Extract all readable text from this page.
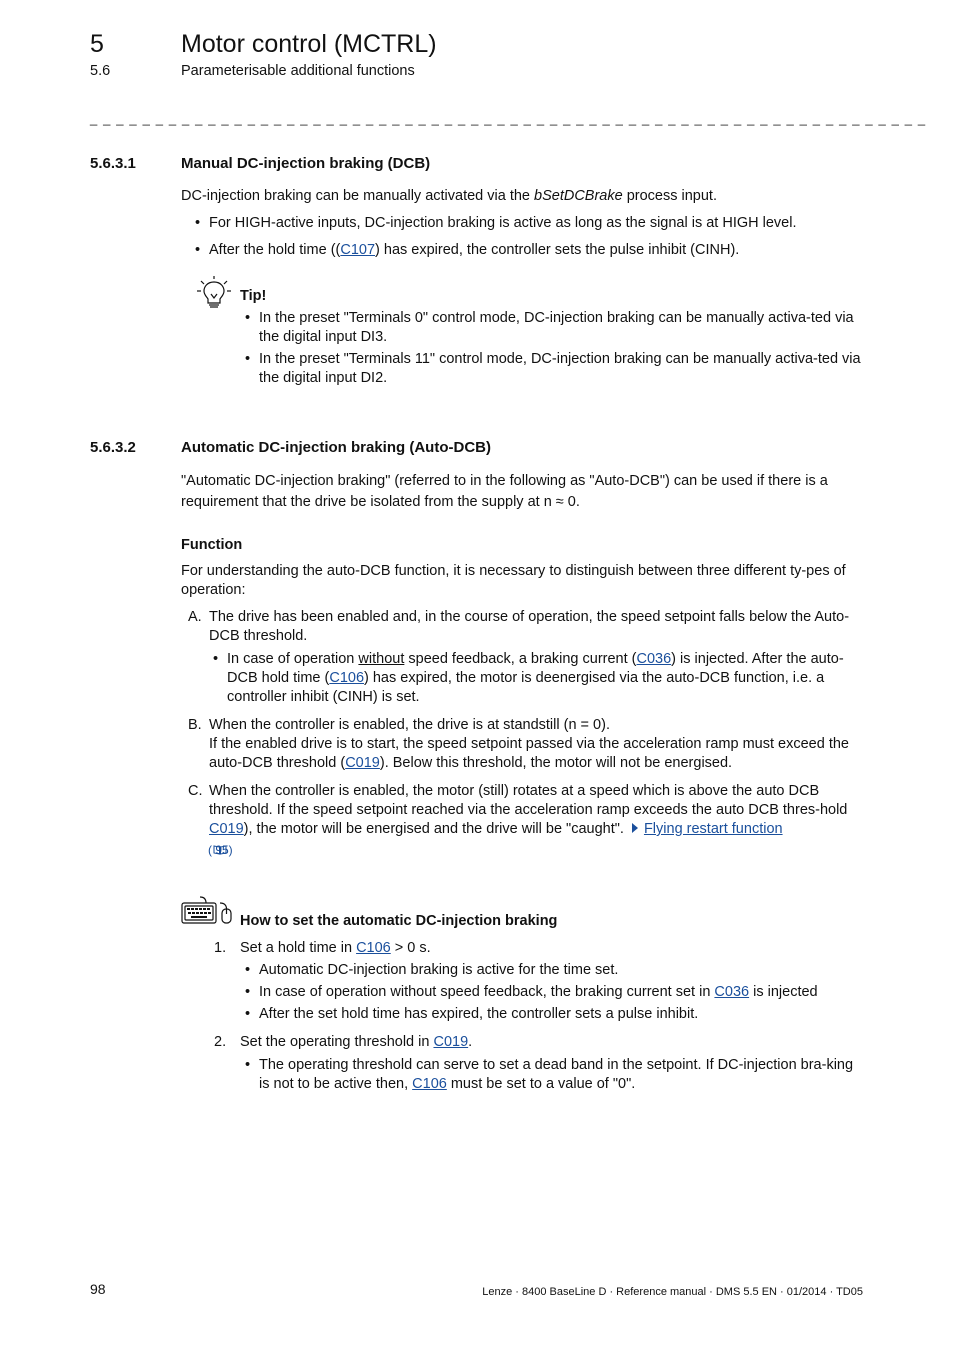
5	Motor control (MCTRL)
5.6	Parameterisable additional functions
_ _ _ _ _ _ _ _ _ _ _ _ _ _ _ _ _ _ _ _ _ _ _ _ _ _ _ _ _ _ _ _ _ _ _ _ _ _ _ _ _ _ _ _ _ _ _ _ _ _ _ _ _ _ _ _ _ _ _ _ _ _ _ _
5.6.3.1	Manual DC-injection braking (DCB)
DC-injection braking can be manually activated via the bSetDCBrake process input.
• For HIGH-active inputs, DC-injection braking is active as long as the signal is at HIGH level.
• After the hold time ((C107) has expired, the controller sets the pulse inhibit (CINH).
Tip!
• In the preset "Terminals 0" control mode, DC-injection braking can be manually activa-ted via the digital input DI3.
• In the preset "Terminals 11" control mode, DC-injection braking can be manually activa-ted via the digital input DI2.
5.6.3.2	Automatic DC-injection braking (Auto-DCB)
"Automatic DC-injection braking" (referred to in the following as "Auto-DCB") can be used if there is a requirement that the drive be isolated from the supply at n ≈ 0.
Function
For understanding the auto-DCB function, it is necessary to distinguish between three different ty-pes of operation:
A. The drive has been enabled and, in the course of operation, the speed setpoint falls below the Auto-DCB threshold.
• In case of operation without speed feedback, a braking current (C036) is injected. After the auto-DCB hold time (C106) has expired, the motor is deenergised via the auto-DCB function, i.e. a controller inhibit (CINH) is set.
B. When the controller is enabled, the drive is at standstill (n = 0).
If the enabled drive is to start, the speed setpoint passed via the acceleration ramp must exceed the auto-DCB threshold (C019). Below this threshold, the motor will not be energised.
C. When the controller is enabled, the motor (still) rotates at a speed which is above the auto DCB threshold. If the speed setpoint reached via the acceleration ramp exceeds the auto DCB thres-hold C019), the motor will be energised and the drive will be "caught". Flying restart function
( 95)
How to set the automatic DC-injection braking
1. Set a hold time in C106 > 0 s.
• Automatic DC-injection braking is active for the time set.
• In case of operation without speed feedback, the braking current set in C036 is injected
• After the set hold time has expired, the controller sets a pulse inhibit.
2. Set the operating threshold in C019.
• The operating threshold can serve to set a dead band in the setpoint. If DC-injection bra-king is not to be active then, C106 must be set to a value of "0".
98	Lenze · 8400 BaseLine D · Reference manual · DMS 5.5 EN · 01/2014 · TD05
